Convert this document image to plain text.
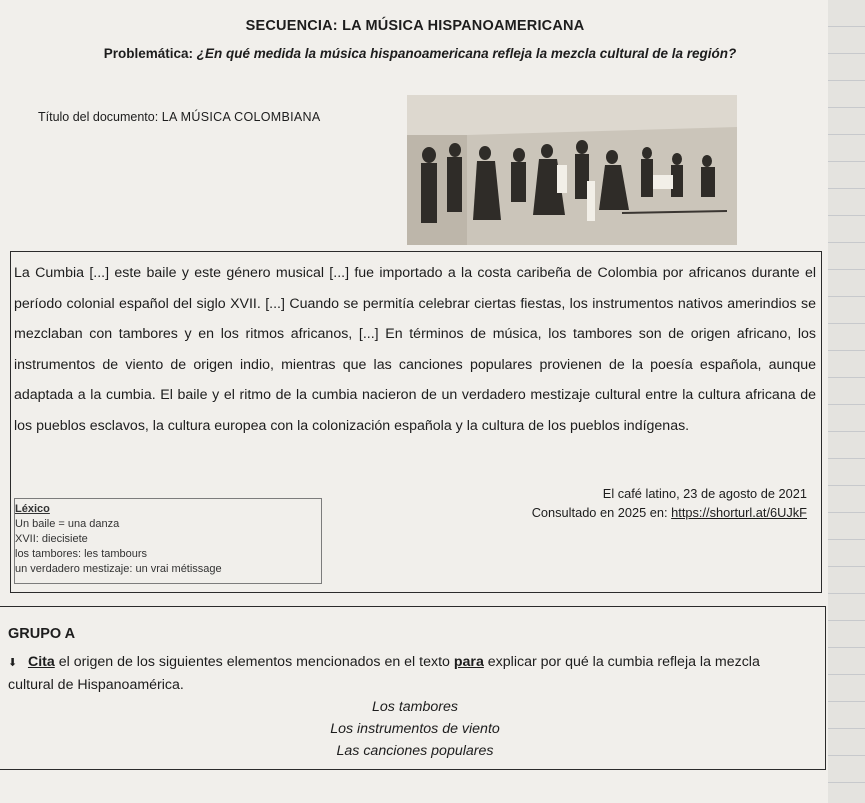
SECUENCIA: LA MÚSICA HISPANOAMERICANA
Problemática: ¿En qué medida la música hispanoamericana refleja la mezcla cultural de la región?
Título del documento: LA MÚSICA COLOMBIANA
La Cumbia [...] este baile y este género musical [...] fue importado a la costa caribeña de Colombia por africanos durante el período colonial español del siglo XVII. [...] Cuando se permitía celebrar ciertas fiestas, los instrumentos nativos amerindios se mezclaban con tambores y en los ritmos africanos, [...] En términos de música, los tambores son de origen africano, los instrumentos de viento de origen indio, mientras que las canciones populares provienen de la poesía española, aunque adaptada a la cumbia. El baile y el ritmo de la cumbia nacieron de un verdadero mestizaje cultural entre la cultura africana de los pueblos esclavos, la cultura europea con la colonización española y la cultura de los pueblos indígenas.
El café latino, 23 de agosto de 2021
Consultado en 2025 en: https://shorturl.at/6UJkF
Léxico
Un baile = una danza
XVII: diecisiete
los tambores: les tambours
un verdadero mestizaje: un vrai métissage
GRUPO A
⬇ Cita el origen de los siguientes elementos mencionados en el texto para explicar por qué la cumbia refleja la mezcla cultural de Hispanoamérica.
Los tambores
Los instrumentos de viento
Las canciones populares
